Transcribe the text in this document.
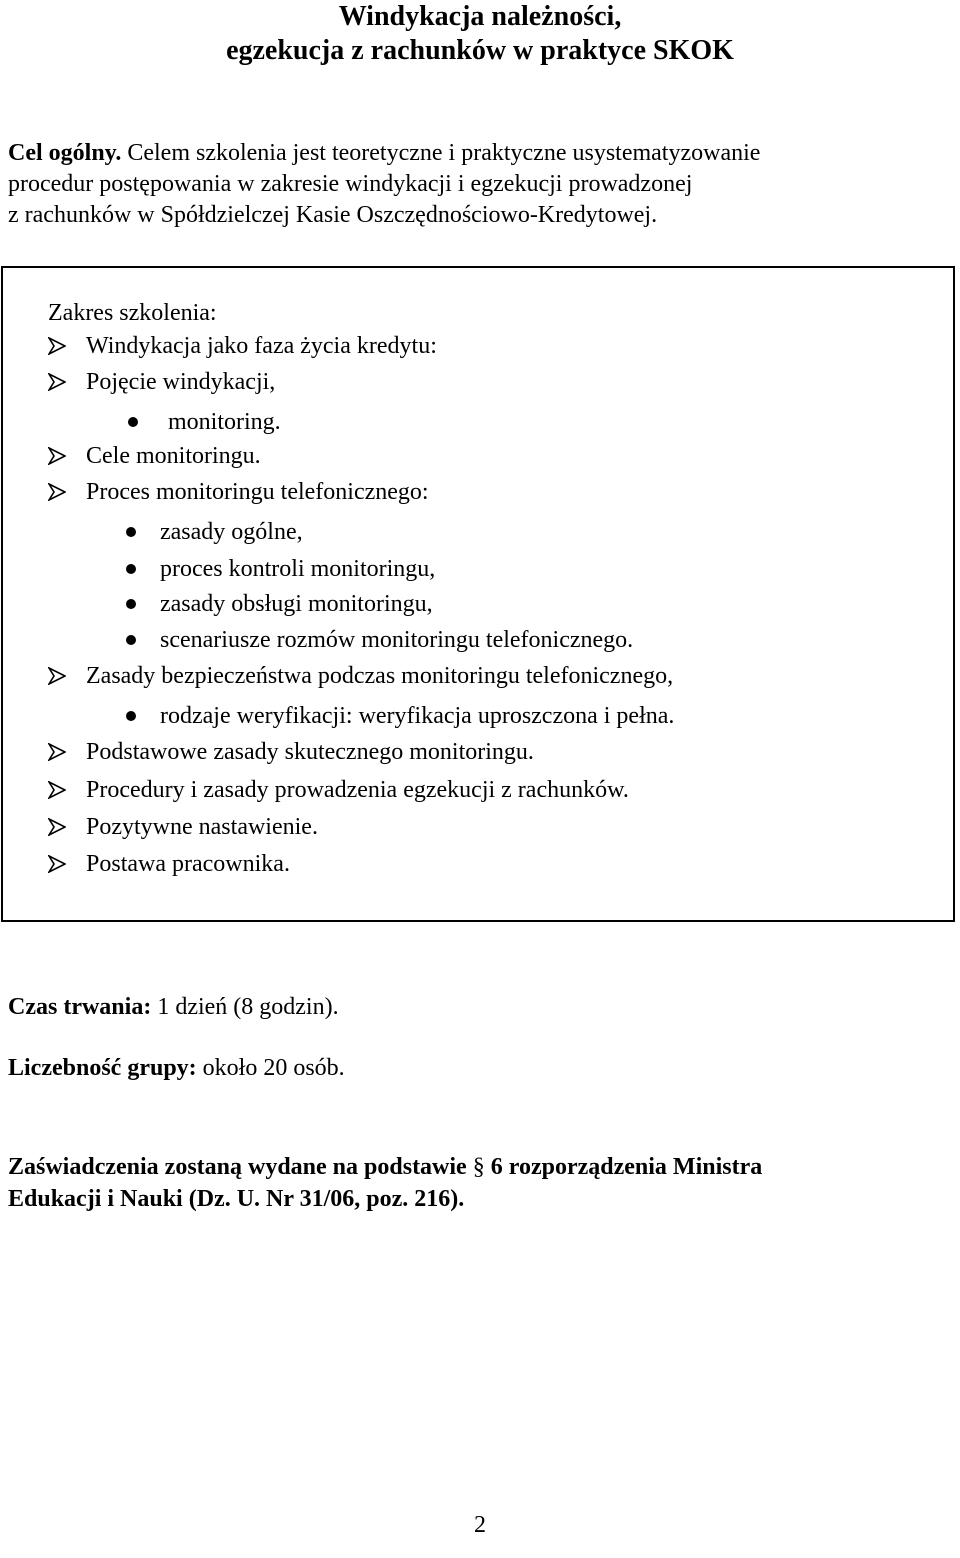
Windykacja należności,
egzekucja z rachunków w praktyce SKOK
Cel ogólny. Celem szkolenia jest teoretyczne i praktyczne usystematyzowanie
procedur postępowania w zakresie windykacji i egzekucji prowadzonej
z rachunków w Spółdzielczej Kasie Oszczędnościowo-Kredytowej.
Zakres szkolenia:
Windykacja jako faza życia kredytu:
Pojęcie windykacji,
monitoring.
Cele monitoringu.
Proces monitoringu telefonicznego:
zasady ogólne,
proces kontroli monitoringu,
zasady obsługi monitoringu,
scenariusze rozmów monitoringu telefonicznego.
Zasady bezpieczeństwa podczas monitoringu telefonicznego,
rodzaje weryfikacji: weryfikacja uproszczona i pełna.
Podstawowe zasady skutecznego monitoringu.
Procedury i zasady prowadzenia egzekucji z rachunków.
Pozytywne nastawienie.
Postawa pracownika.
Czas trwania: 1 dzień (8 godzin).
Liczebność grupy: około 20 osób.
Zaświadczenia zostaną wydane na podstawie § 6 rozporządzenia Ministra
Edukacji i Nauki (Dz. U. Nr 31/06, poz. 216).
2
